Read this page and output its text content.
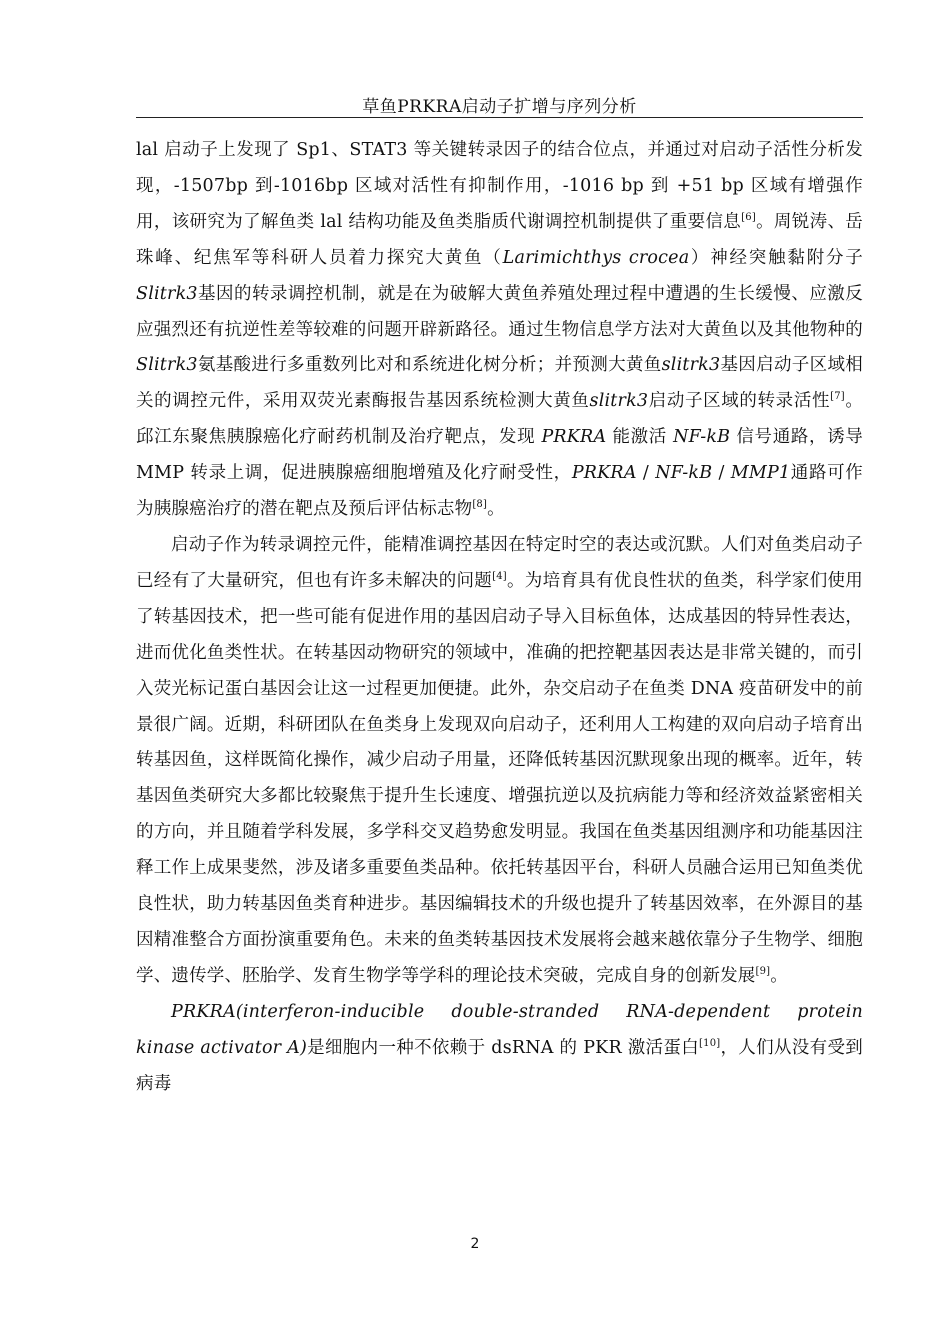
草鱼PRKRA启动子扩增与序列分析

lal 启动子上发现了 Sp1、STAT3 等关键转录因子的结合位点，并通过对启动子活性分析发现，-1507bp 到-1016bp 区域对活性有抑制作用，-1016 bp 到 +51 bp 区域有增强作用，该研究为了解鱼类 lal 结构功能及鱼类脂质代谢调控机制提供了重要信息[6]。周锐涛、岳珠峰、纪焦军等科研人员着力探究大黄鱼（Larimichthys crocea）神经突触黏附分子Slitrk3基因的转录调控机制，就是在为破解大黄鱼养殖处理过程中遭遇的生长缓慢、应激反应强烈还有抗逆性差等较难的问题开辟新路径。通过生物信息学方法对大黄鱼以及其他物种的Slitrk3氨基酸进行多重数列比对和系统进化树分析；并预测大黄鱼slitrk3基因启动子区域相关的调控元件，采用双荧光素酶报告基因系统检测大黄鱼slitrk3启动子区域的转录活性[7]。邱江东聚焦胰腺癌化疗耐药机制及治疗靶点，发现 PRKRA 能激活 NF-kB 信号通路，诱导MMP 转录上调，促进胰腺癌细胞增殖及化疗耐受性，PRKRA / NF-kB / MMP1通路可作为胰腺癌治疗的潜在靶点及预后评估标志物[8]。

启动子作为转录调控元件，能精准调控基因在特定时空的表达或沉默。人们对鱼类启动子已经有了大量研究，但也有许多未解决的问题[4]。为培育具有优良性状的鱼类，科学家们使用了转基因技术，把一些可能有促进作用的基因启动子导入目标鱼体，达成基因的特异性表达，进而优化鱼类性状。在转基因动物研究的领域中，准确的把控靶基因表达是非常关键的，而引入荧光标记蛋白基因会让这一过程更加便捷。此外，杂交启动子在鱼类 DNA 疫苗研发中的前景很广阔。近期，科研团队在鱼类身上发现双向启动子，还利用人工构建的双向启动子培育出转基因鱼，这样既简化操作，减少启动子用量，还降低转基因沉默现象出现的概率。近年，转基因鱼类研究大多都比较聚焦于提升生长速度、增强抗逆以及抗病能力等和经济效益紧密相关的方向，并且随着学科发展，多学科交叉趋势愈发明显。我国在鱼类基因组测序和功能基因注释工作上成果斐然，涉及诸多重要鱼类品种。依托转基因平台，科研人员融合运用已知鱼类优良性状，助力转基因鱼类育种进步。基因编辑技术的升级也提升了转基因效率，在外源目的基因精准整合方面扮演重要角色。未来的鱼类转基因技术发展将会越来越依靠分子生物学、细胞学、遗传学、胚胎学、发育生物学等学科的理论技术突破，完成自身的创新发展[9]。

PRKRA(interferon-inducible double-stranded RNA-dependent protein kinase activator A)是细胞内一种不依赖于 dsRNA 的 PKR 激活蛋白[10]，人们从没有受到病毒

2
